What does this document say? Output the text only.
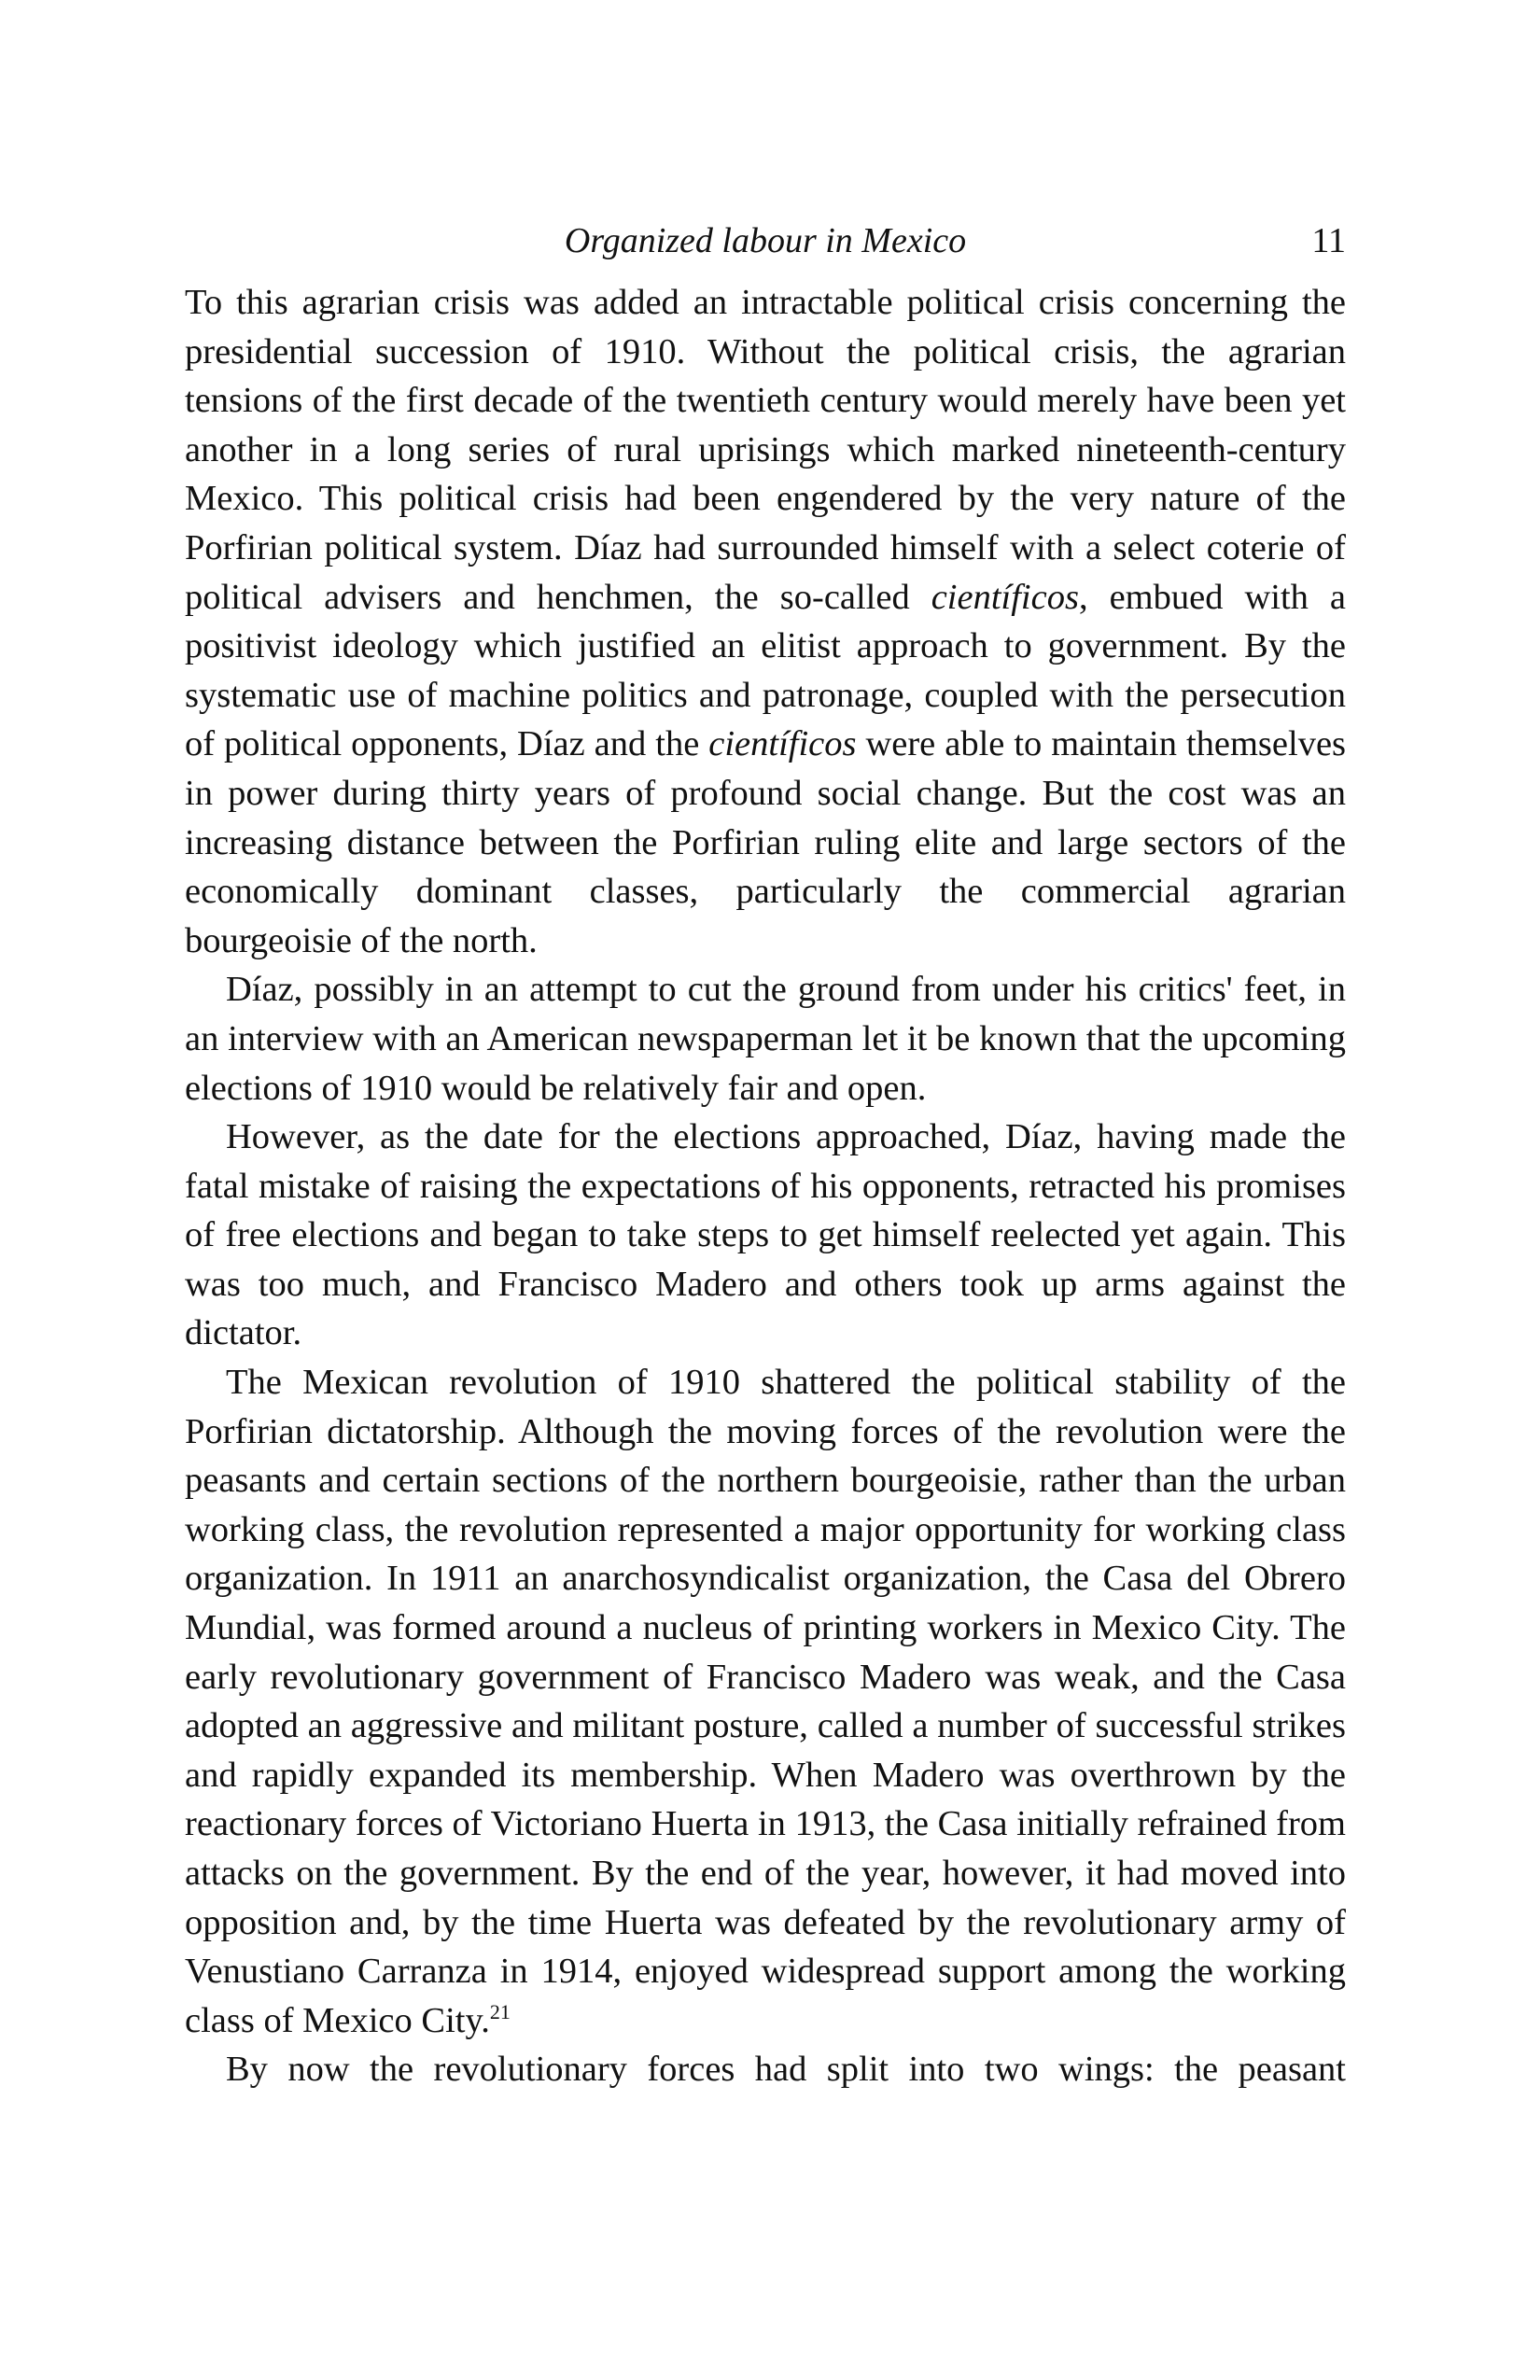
Organized labour in Mexico	11

To this agrarian crisis was added an intractable political crisis concerning the presidential succession of 1910. Without the political crisis, the agrarian tensions of the first decade of the twentieth century would merely have been yet another in a long series of rural uprisings which marked nineteenth-century Mexico. This political crisis had been engendered by the very nature of the Porfirian political system. Díaz had surrounded himself with a select coterie of political advisers and henchmen, the so-called científicos, embued with a positivist ideology which justified an elitist approach to government. By the systematic use of machine politics and patronage, coupled with the persecution of political opponents, Díaz and the científicos were able to maintain themselves in power during thirty years of profound social change. But the cost was an increasing distance between the Porfirian ruling elite and large sectors of the economically dominant classes, particularly the commercial agrarian bourgeoisie of the north.

Díaz, possibly in an attempt to cut the ground from under his critics' feet, in an interview with an American newspaperman let it be known that the upcoming elections of 1910 would be relatively fair and open.

However, as the date for the elections approached, Díaz, having made the fatal mistake of raising the expectations of his opponents, retracted his promises of free elections and began to take steps to get himself reelected yet again. This was too much, and Francisco Madero and others took up arms against the dictator.

The Mexican revolution of 1910 shattered the political stability of the Porfirian dictatorship. Although the moving forces of the revolution were the peasants and certain sections of the northern bourgeoisie, rather than the urban working class, the revolution represented a major opportunity for working class organization. In 1911 an anarchosyndicalist organization, the Casa del Obrero Mundial, was formed around a nucleus of printing workers in Mexico City. The early revolutionary government of Francisco Madero was weak, and the Casa adopted an aggressive and militant posture, called a number of successful strikes and rapidly expanded its membership. When Madero was overthrown by the reactionary forces of Victoriano Huerta in 1913, the Casa initially refrained from attacks on the government. By the end of the year, however, it had moved into opposition and, by the time Huerta was defeated by the revolutionary army of Venustiano Carranza in 1914, enjoyed widespread support among the working class of Mexico City.$^{21}$

By now the revolutionary forces had split into two wings: the peasant
